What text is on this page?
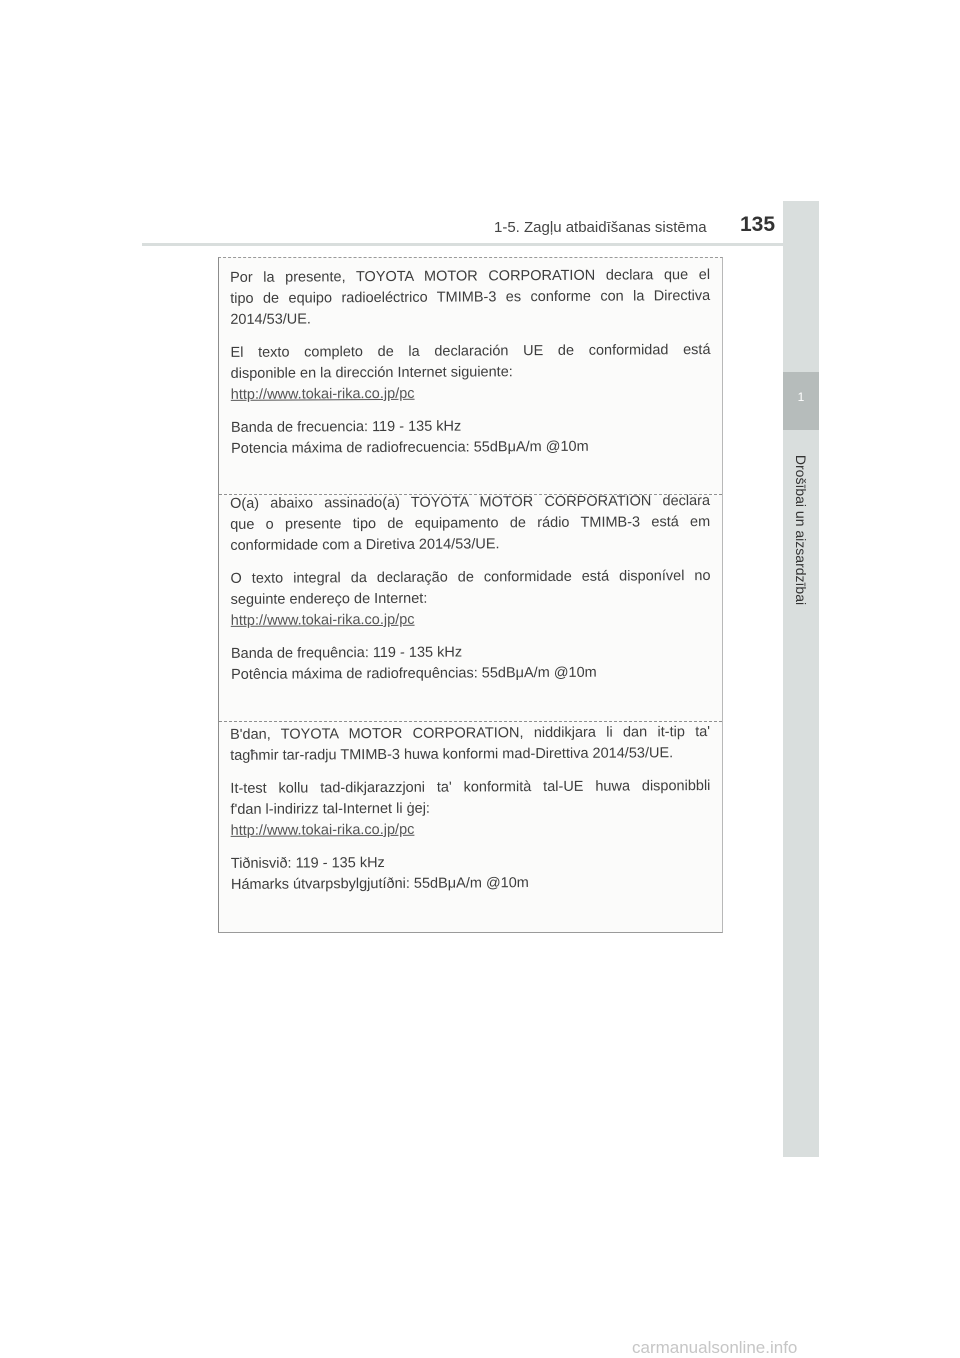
1-5. Zagļu atbaidīšanas sistēma 135
1
Drošībai un aizsardzībai
Por la presente, TOYOTA MOTOR CORPORATION declara que el
tipo de equipo radioeléctrico TMIMB-3 es conforme con la Directiva
2014/53/UE.
El texto completo de la declaración UE de conformidad está
disponible en la dirección Internet siguiente:
http://www.tokai-rika.co.jp/pc
Banda de frecuencia: 119 - 135 kHz
Potencia máxima de radiofrecuencia: 55dBμA/m @10m
O(a) abaixo assinado(a) TOYOTA MOTOR CORPORATION declara
que o presente tipo de equipamento de rádio TMIMB-3 está em
conformidade com a Diretiva 2014/53/UE.
O texto integral da declaração de conformidade está disponível no
seguinte endereço de Internet:
http://www.tokai-rika.co.jp/pc
Banda de frequência: 119 - 135 kHz
Potência máxima de radiofrequências: 55dBμA/m @10m
B'dan, TOYOTA MOTOR CORPORATION, niddikjara li dan it-tip ta'
tagħmir tar-radju TMIMB-3 huwa konformi mad-Direttiva 2014/53/UE.
It-test kollu tad-dikjarazzjoni ta' konformità tal-UE huwa disponibbli
f'dan l-indirizz tal-Internet li ġej:
http://www.tokai-rika.co.jp/pc
Tiðnisvið: 119 - 135 kHz
Hámarks útvarpsbylgjutíðni: 55dBμA/m @10m
carmanualsonline.info
